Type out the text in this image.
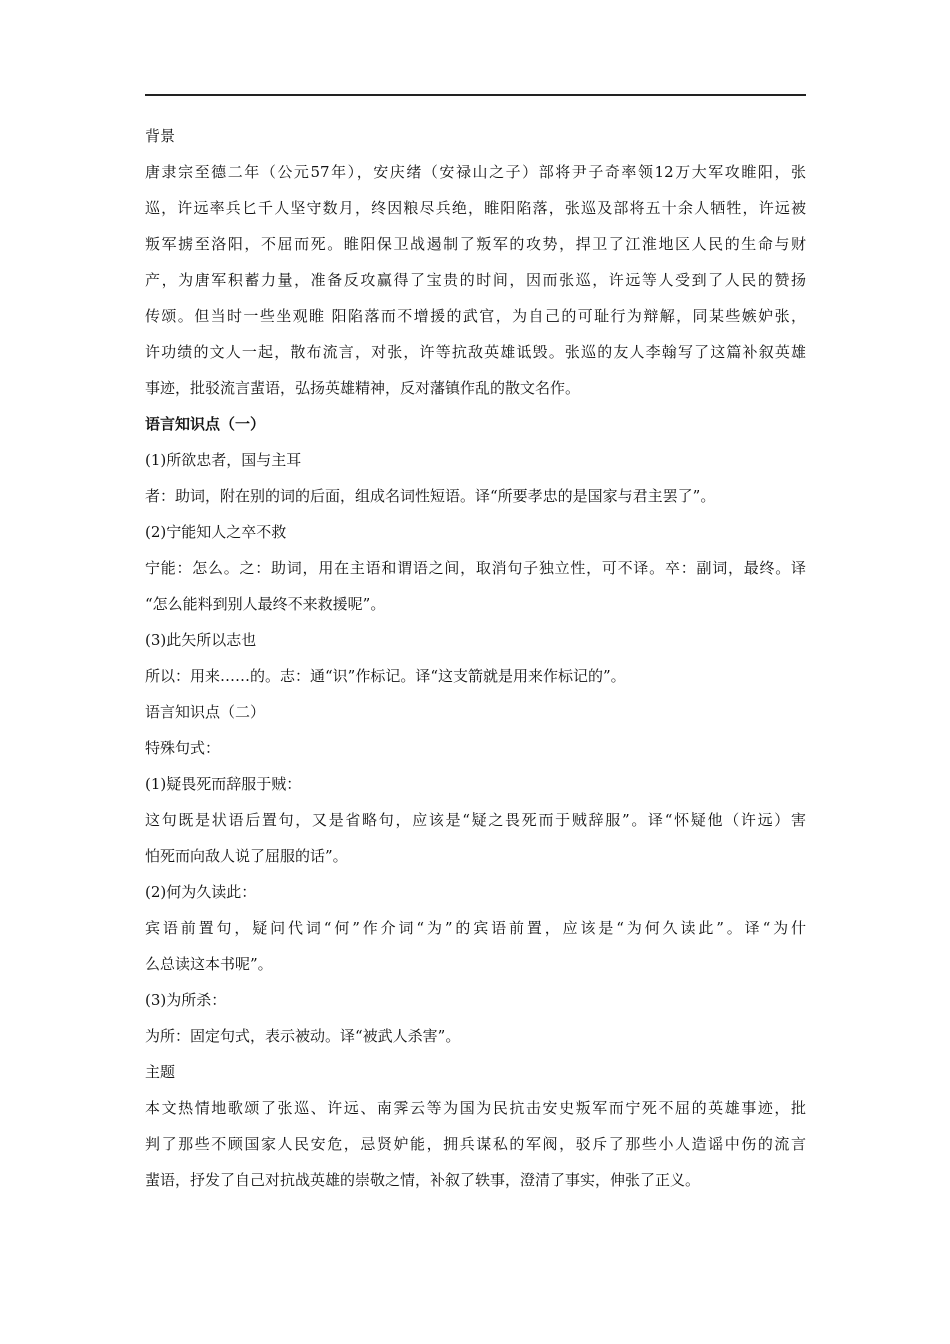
背景
唐隶宗至德二年（公元57年），安庆绪（安禄山之子）部将尹子奇率领12万大军攻睢阳，张
巡，许远率兵匕千人坚守数月，终因粮尽兵绝，睢阳陷落，张巡及部将五十余人牺牲，许远被
叛军掳至洛阳，不屈而死。睢阳保卫战遏制了叛军的攻势，捍卫了江淮地区人民的生命与财
产，为唐军积蓄力量，准备反攻赢得了宝贵的时间，因而张巡，许远等人受到了人民的赞扬
传颂。但当时一些坐观睢 阳陷落而不增援的武官，为自己的可耻行为辩解，同某些嫉妒张，
许功绩的文人一起，散布流言，对张，许等抗敌英雄诋毁。张巡的友人李翰写了这篇补叙英雄
事迹，批驳流言蜚语，弘扬英雄精神，反对藩镇作乱的散文名作。
语言知识点（一）
(1)所欲忠者，国与主耳
者：助词，附在别的词的后面，组成名词性短语。译“所要孝忠的是国家与君主罢了”。
(2)宁能知人之卒不救
宁能：怎么。之：助词，用在主语和谓语之间，取消句子独立性，可不译。卒：副词，最终。译
“怎么能料到别人最终不来救援呢”。
(3)此矢所以志也
所以：用来……的。志：通“识”作标记。译“这支箭就是用来作标记的”。
语言知识点（二）
特殊句式：
(1)疑畏死而辞服于贼：
这句既是状语后置句，又是省略句，应该是“疑之畏死而于贼辞服”。译“怀疑他（许远）害
怕死而向敌人说了屈服的话”。
(2)何为久读此：
宾语前置句，疑问代词“何”作介词“为”的宾语前置，应该是“为何久读此”。译“为什
么总读这本书呢”。
(3)为所杀：
为所：固定句式，表示被动。译“被武人杀害”。
主题
本文热情地歌颂了张巡、许远、南霁云等为国为民抗击安史叛军而宁死不屈的英雄事迹，批
判了那些不顾国家人民安危，忌贤妒能，拥兵谋私的军阀，驳斥了那些小人造谣中伤的流言
蜚语，抒发了自己对抗战英雄的崇敬之情，补叙了轶事，澄清了事实，伸张了正义。
